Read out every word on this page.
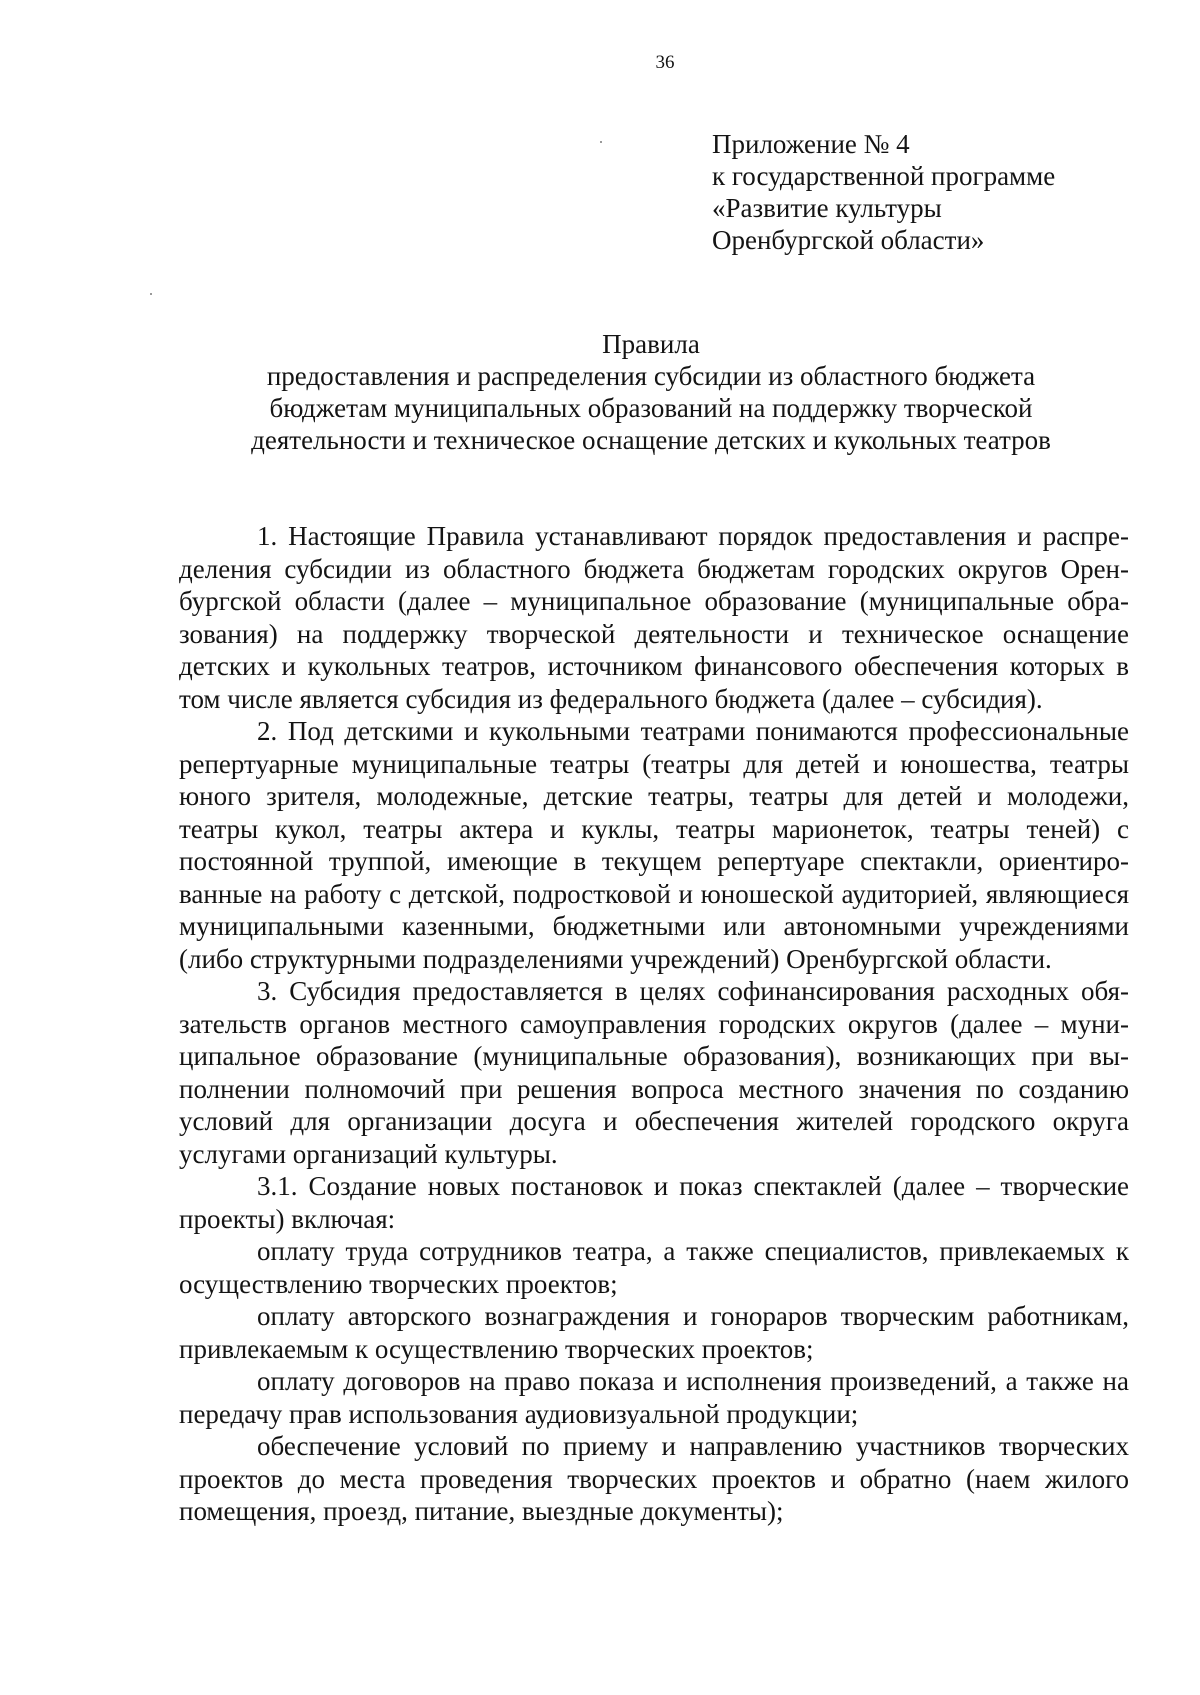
36
Приложение № 4
к государственной программе
«Развитие культуры
Оренбургской области»
Правила
предоставления и распределения субсидии из областного бюджета
бюджетам муниципальных образований на поддержку творческой
деятельности и техническое оснащение детских и кукольных театров

1. Настоящие Правила устанавливают порядок предоставления и распределения субсидии из областного бюджета бюджетам городских округов Оренбургской области (далее – муниципальное образование (муниципальные образования) на поддержку творческой деятельности и техническое оснащение детских и кукольных театров, источником финансового обеспечения которых в том числе является субсидия из федерального бюджета (далее – субсидия).

2. Под детскими и кукольными театрами понимаются профессиональные репертуарные муниципальные театры (театры для детей и юношества, театры юного зрителя, молодежные, детские театры, театры для детей и молодежи, театры кукол, театры актера и куклы, театры марионеток, театры теней) с постоянной труппой, имеющие в текущем репертуаре спектакли, ориентированные на работу с детской, подростковой и юношеской аудиторией, являющиеся муниципальными казенными, бюджетными или автономными учреждениями (либо структурными подразделениями учреждений) Оренбургской области.

3. Субсидия предоставляется в целях софинансирования расходных обязательств органов местного самоуправления городских округов (далее – муниципальное образование (муниципальные образования), возникающих при выполнении полномочий при решения вопроса местного значения по созданию условий для организации досуга и обеспечения жителей городского округа услугами организаций культуры.

3.1. Создание новых постановок и показ спектаклей (далее – творческие проекты) включая:

оплату труда сотрудников театра, а также специалистов, привлекаемых к осуществлению творческих проектов;

оплату авторского вознаграждения и гонораров творческим работникам, привлекаемым к осуществлению творческих проектов;

оплату договоров на право показа и исполнения произведений, а также на передачу прав использования аудиовизуальной продукции;

обеспечение условий по приему и направлению участников творческих проектов до места проведения творческих проектов и обратно (наем жилого помещения, проезд, питание, выездные документы);
